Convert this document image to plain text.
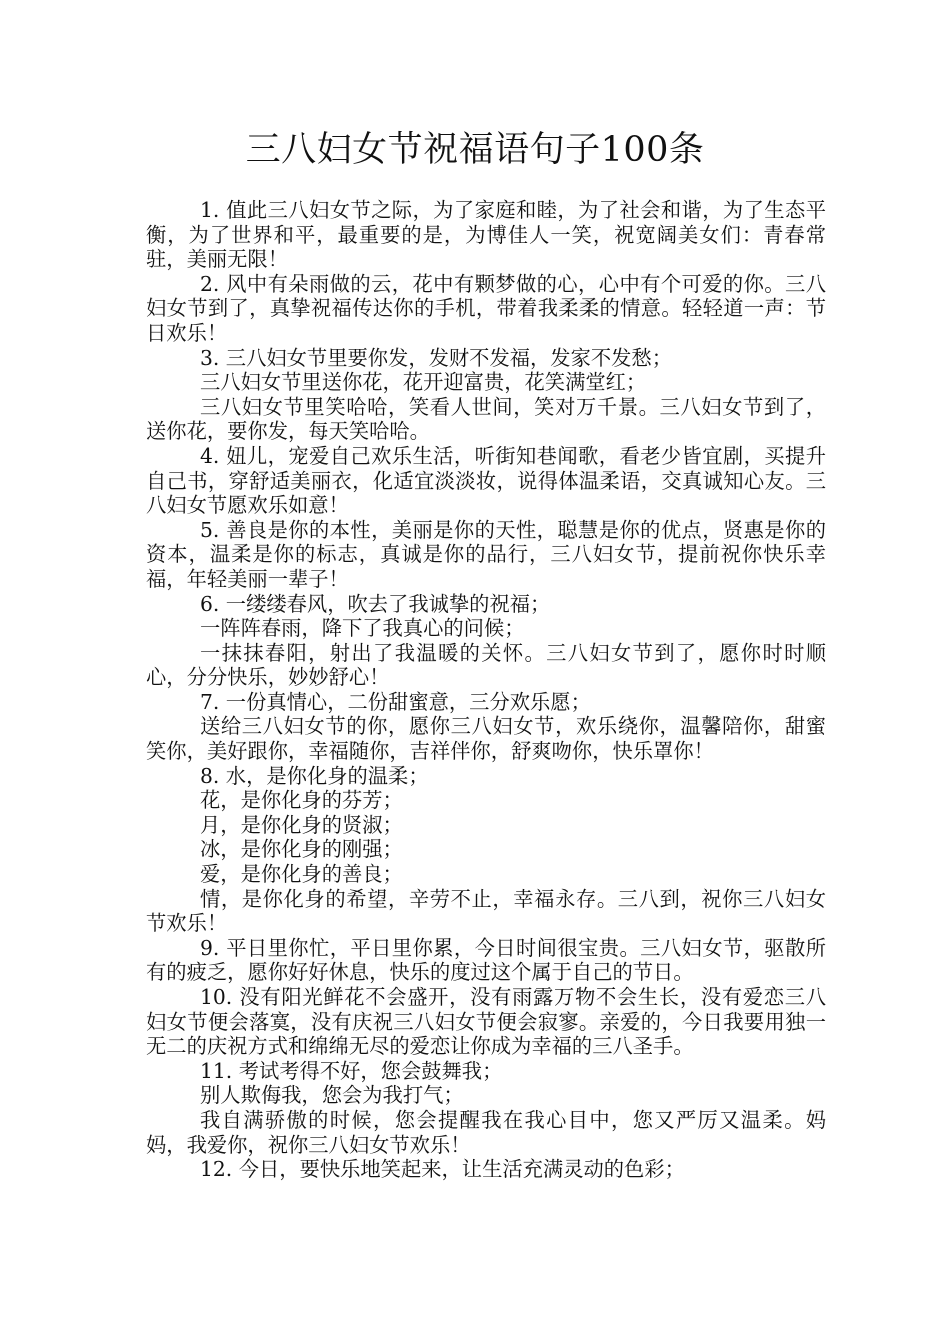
三八妇女节祝福语句子100条

1. 值此三八妇女节之际，为了家庭和睦，为了社会和谐，为了生态平衡，为了世界和平，最重要的是，为博佳人一笑，祝宽阔美女们：青春常驻，美丽无限！

2. 风中有朵雨做的云，花中有颗梦做的心，心中有个可爱的你。三八妇女节到了，真挚祝福传达你的手机，带着我柔柔的情意。轻轻道一声：节日欢乐！

3. 三八妇女节里要你发，发财不发福，发家不发愁；

三八妇女节里送你花，花开迎富贵，花笑满堂红；

三八妇女节里笑哈哈，笑看人世间，笑对万千景。三八妇女节到了，送你花，要你发，每天笑哈哈。

4. 妞儿，宠爱自己欢乐生活，听街知巷闻歌，看老少皆宜剧，买提升自己书，穿舒适美丽衣，化适宜淡淡妆，说得体温柔语，交真诚知心友。三八妇女节愿欢乐如意！

5. 善良是你的本性，美丽是你的天性，聪慧是你的优点，贤惠是你的资本，温柔是你的标志，真诚是你的品行，三八妇女节，提前祝你快乐幸福，年轻美丽一辈子！

6. 一缕缕春风，吹去了我诚挚的祝福；

一阵阵春雨，降下了我真心的问候；

一抹抹春阳，射出了我温暖的关怀。三八妇女节到了，愿你时时顺心，分分快乐，妙妙舒心！

7. 一份真情心，二份甜蜜意，三分欢乐愿；

送给三八妇女节的你，愿你三八妇女节，欢乐绕你，温馨陪你，甜蜜笑你，美好跟你，幸福随你，吉祥伴你，舒爽吻你，快乐罩你！

8. 水，是你化身的温柔；

花，是你化身的芬芳；

月，是你化身的贤淑；

冰，是你化身的刚强；

爱，是你化身的善良；

情，是你化身的希望，辛劳不止，幸福永存。三八到，祝你三八妇女节欢乐！

9. 平日里你忙，平日里你累，今日时间很宝贵。三八妇女节，驱散所有的疲乏，愿你好好休息，快乐的度过这个属于自己的节日。

10. 没有阳光鲜花不会盛开，没有雨露万物不会生长，没有爱恋三八妇女节便会落寞，没有庆祝三八妇女节便会寂寥。亲爱的，今日我要用独一无二的庆祝方式和绵绵无尽的爱恋让你成为幸福的三八圣手。

11. 考试考得不好，您会鼓舞我；

别人欺侮我，您会为我打气；

我自满骄傲的时候，您会提醒我在我心目中，您又严厉又温柔。妈妈，我爱你，祝你三八妇女节欢乐！

12. 今日，要快乐地笑起来，让生活充满灵动的色彩；
